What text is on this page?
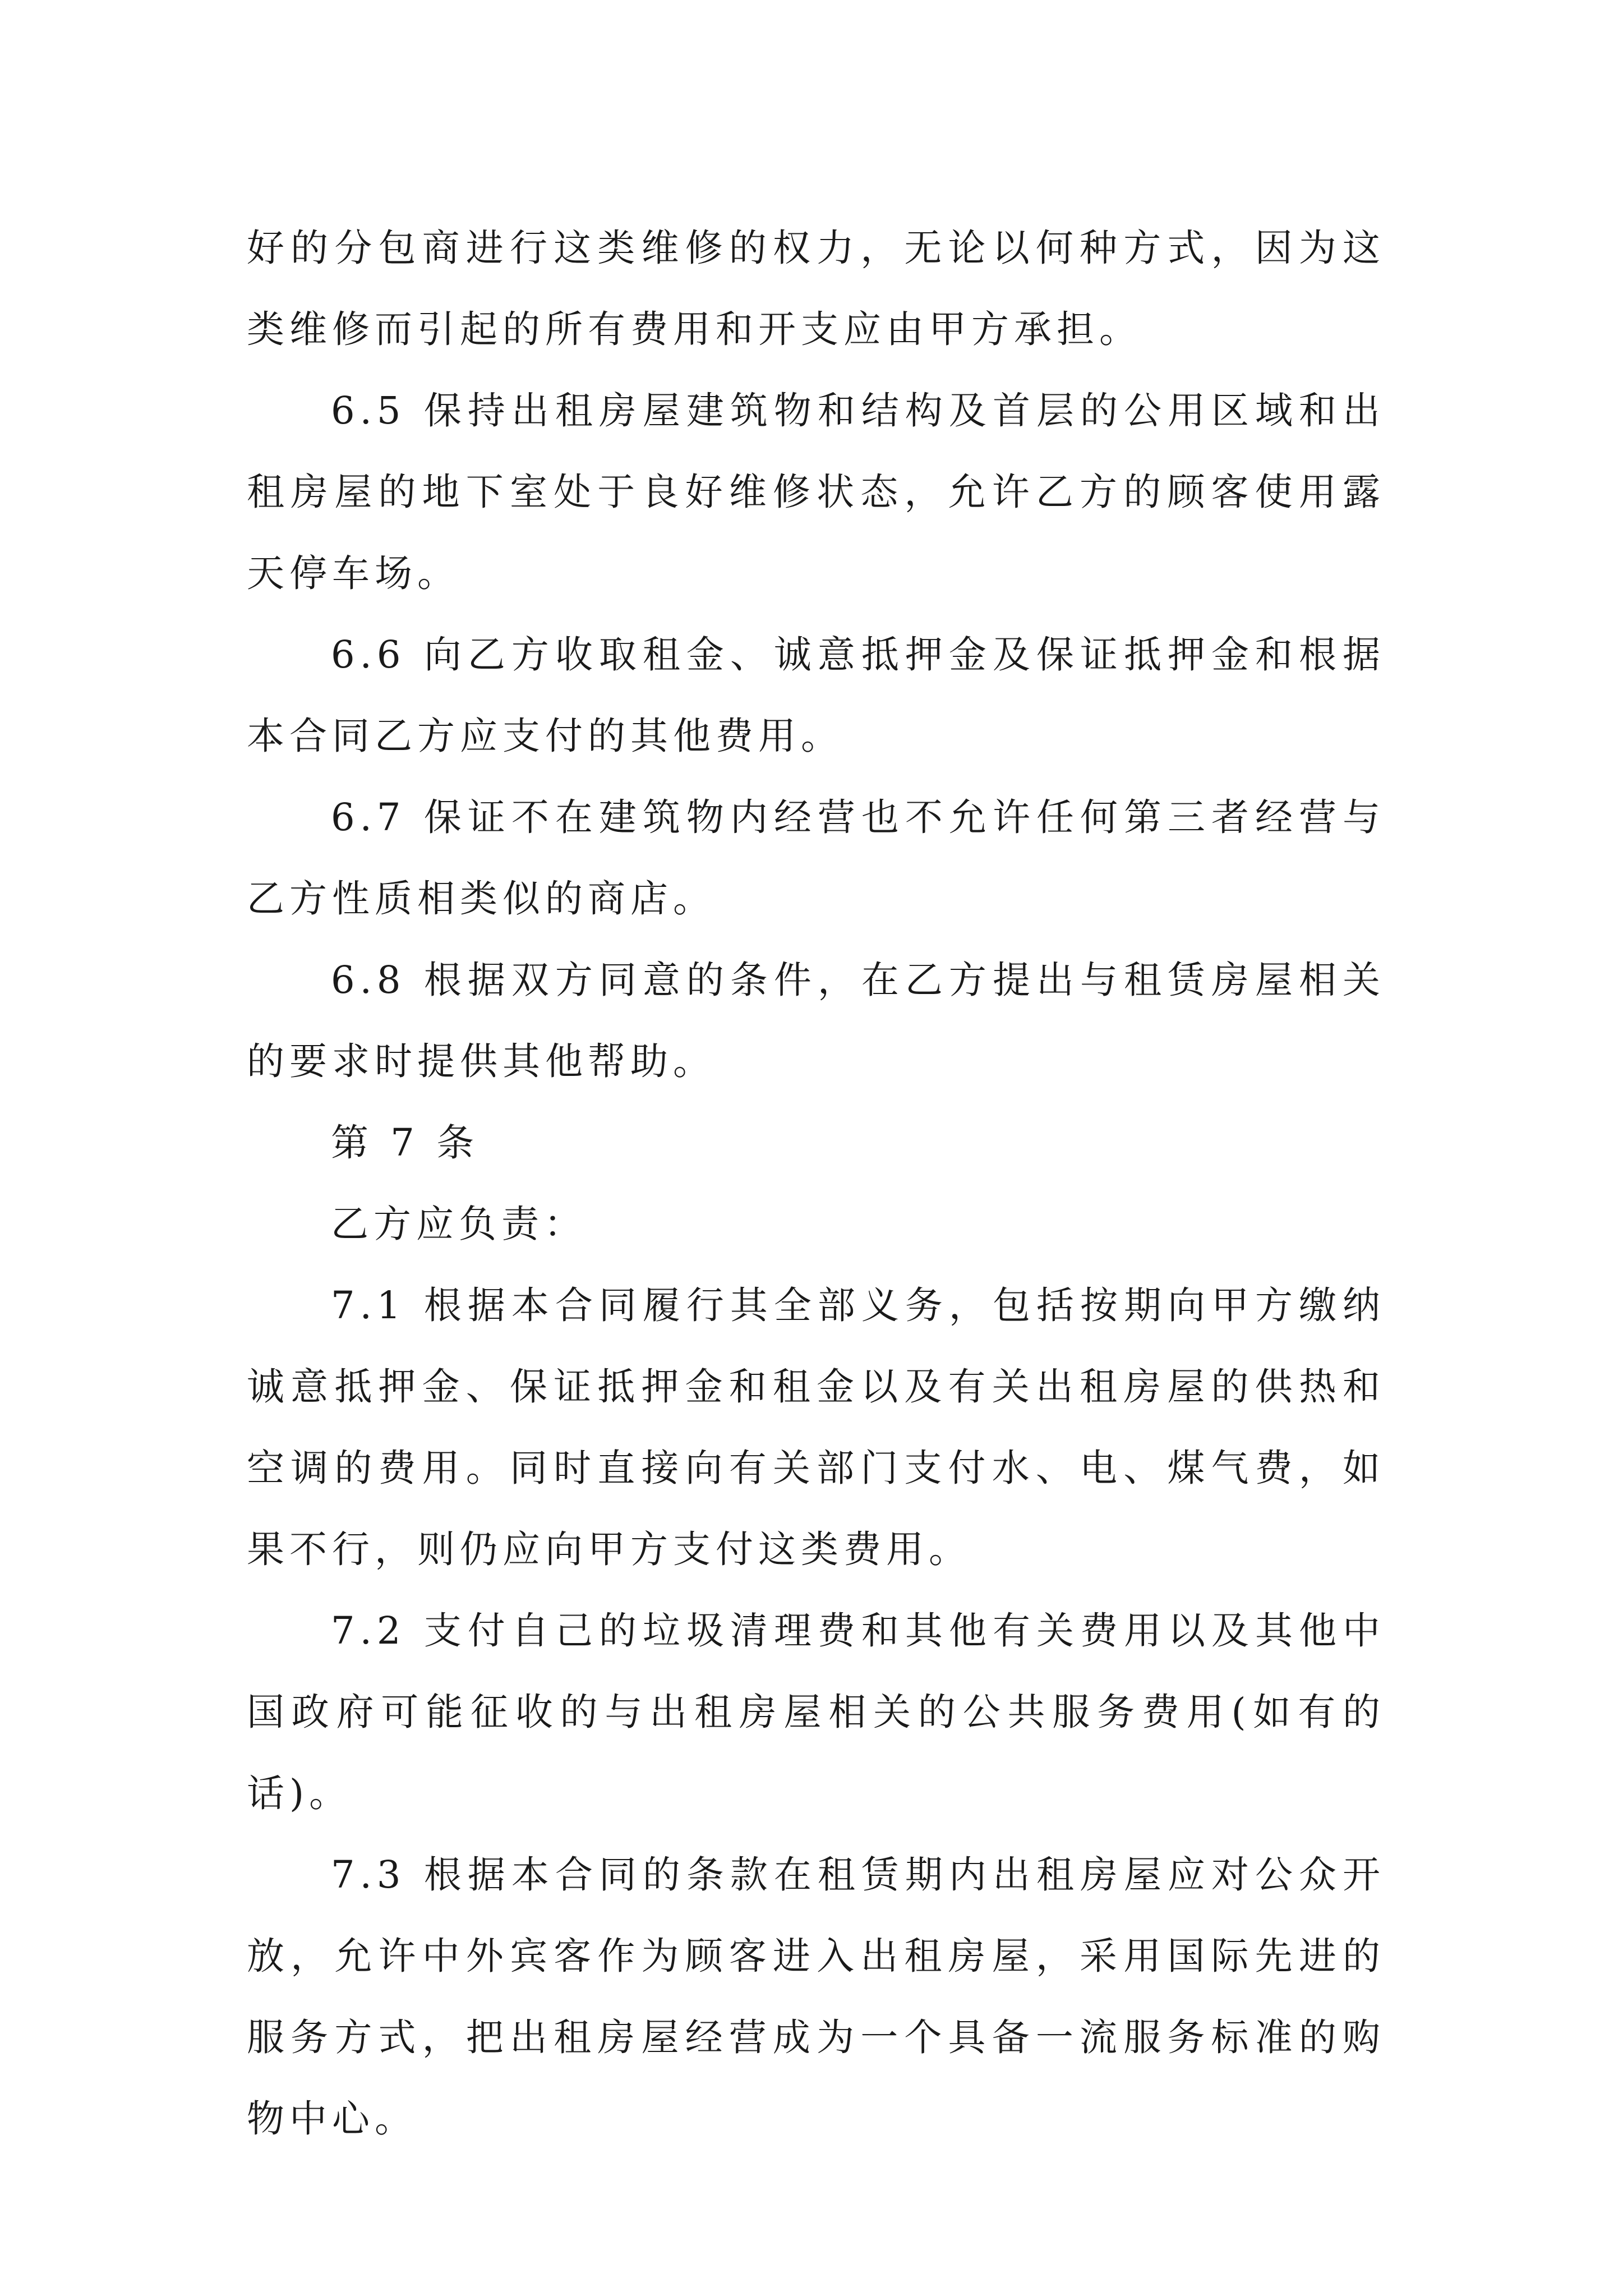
好的分包商进行这类维修的权力，无论以何种方式，因为这类维修而引起的所有费用和开支应由甲方承担。

6.5 保持出租房屋建筑物和结构及首层的公用区域和出租房屋的地下室处于良好维修状态，允许乙方的顾客使用露天停车场。

6.6 向乙方收取租金、诚意抵押金及保证抵押金和根据本合同乙方应支付的其他费用。

6.7 保证不在建筑物内经营也不允许任何第三者经营与乙方性质相类似的商店。

6.8 根据双方同意的条件，在乙方提出与租赁房屋相关的要求时提供其他帮助。

第 7 条

乙方应负责：

7.1 根据本合同履行其全部义务，包括按期向甲方缴纳诚意抵押金、保证抵押金和租金以及有关出租房屋的供热和空调的费用。同时直接向有关部门支付水、电、煤气费，如果不行，则仍应向甲方支付这类费用。

7.2 支付自己的垃圾清理费和其他有关费用以及其他中国政府可能征收的与出租房屋相关的公共服务费用(如有的话)。

7.3 根据本合同的条款在租赁期内出租房屋应对公众开放，允许中外宾客作为顾客进入出租房屋，采用国际先进的服务方式，把出租房屋经营成为一个具备一流服务标准的购物中心。
